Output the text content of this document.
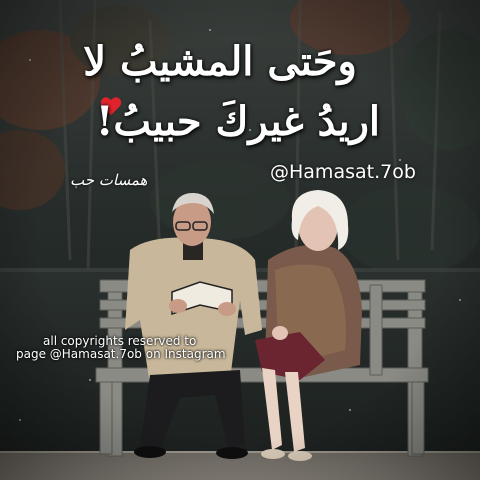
وحَتى المشيبُ لا
اريدُ غيركَ حبيبُ!
@Hamasat.7ob
همسات حب
all copyrights reserved to
page @Hamasat.7ob on Instagram
